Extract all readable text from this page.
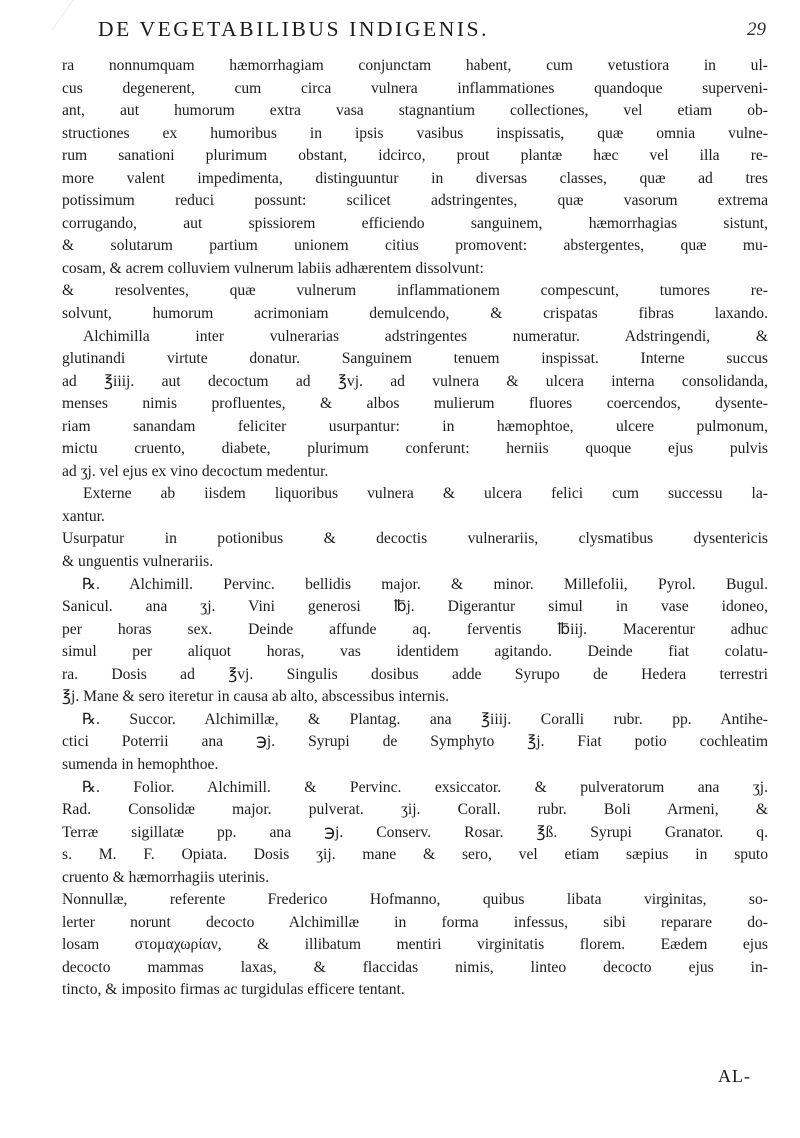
DE VEGETABILIBUS INDIGENIS.	29
ra nonnumquam hæmorrhagiam conjunctam habent, cum vetustiora in ul-
cus degenerent, cum circa vulnera inflammationes quandoque superveni-
ant, aut humorum extra vasa stagnantium collectiones, vel etiam ob-
structiones ex humoribus in ipsis vasibus inspissatis, quæ omnia vulne-
rum sanationi plurimum obstant, idcirco, prout plantæ hæc vel illa re-
more valent impedimenta, distinguuntur in diversas classes, quæ ad tres
potissimum reduci possunt: scilicet adstringentes, quæ vasorum extrema
corrugando, aut spissiorem efficiendo sanguinem, hæmorrhagias sistunt,
& solutarum partium unionem citius promovent: abstergentes, quæ mu-
cosam, & acrem colluviem vulnerum labiis adhærentem dissolvunt:
& resolventes, quæ vulnerum inflammationem compescunt, tumores re-
solvunt, humorum acrimoniam demulcendo, & crispatas fibras laxando.
Alchimilla inter vulnerarias adstringentes numeratur. Adstringendi, &
glutinandi virtute donatur. Sanguinem tenuem inspissat. Interne succus
ad ℥iiij. aut decoctum ad ℥vj. ad vulnera & ulcera interna consolidanda,
menses nimis profluentes, & albos mulierum fluores coercendos, dysente-
riam sanandam feliciter usurpantur: in hæmophtoe, ulcere pulmonum,
mictu cruento, diabete, plurimum conferunt: herniis quoque ejus pulvis
ad ʒj. vel ejus ex vino decoctum medentur.
Externe ab iisdem liquoribus vulnera & ulcera felici cum successu la-
xantur.
Usurpatur in potionibus & decoctis vulnerariis, clysmatibus dysentericis
& unguentis vulnerariis.
℞. Alchimill. Pervinc. bellidis major. & minor. Millefolii, Pyrol. Bugul.
Sanicul. ana ʒj. Vini generosi ℔j. Digerantur simul in vase idoneo,
per horas sex. Deinde affunde aq. ferventis ℔iij. Macerentur adhuc
simul per aliquot horas, vas identidem agitando. Deinde fiat colatu-
ra. Dosis ad ℥vj. Singulis dosibus adde Syrupo de Hedera terrestri
℥j. Mane & sero iteretur in causa ab alto, abscessibus internis.
℞. Succor. Alchimillæ, & Plantag. ana ℥iiij. Coralli rubr. pp. Antihe-
ctici Poterrii ana ℈j. Syrupi de Symphyto ℥j. Fiat potio cochleatim
sumenda in hemophthoe.
℞. Folior. Alchimill. & Pervinc. exsiccator. & pulveratorum ana ʒj.
Rad. Consolidæ major. pulverat. ʒij. Corall. rubr. Boli Armeni, &
Terræ sigillatæ pp. ana ℈j. Conserv. Rosar. ℥ß. Syrupi Granator. q.
s. M. F. Opiata. Dosis ʒij. mane & sero, vel etiam sæpius in sputo
cruento & hæmorrhagiis uterinis.
Nonnullæ, referente Frederico Hofmanno, quibus libata virginitas, so-
lerter norunt decocto Alchimillæ in forma infessus, sibi reparare do-
losam στομαχωρίαν, & illibatum mentiri virginitatis florem. Eædem ejus
decocto mammas laxas, & flaccidas nimis, linteo decocto ejus in-
tincto, & imposito firmas ac turgidulas efficere tentant.
AL-
